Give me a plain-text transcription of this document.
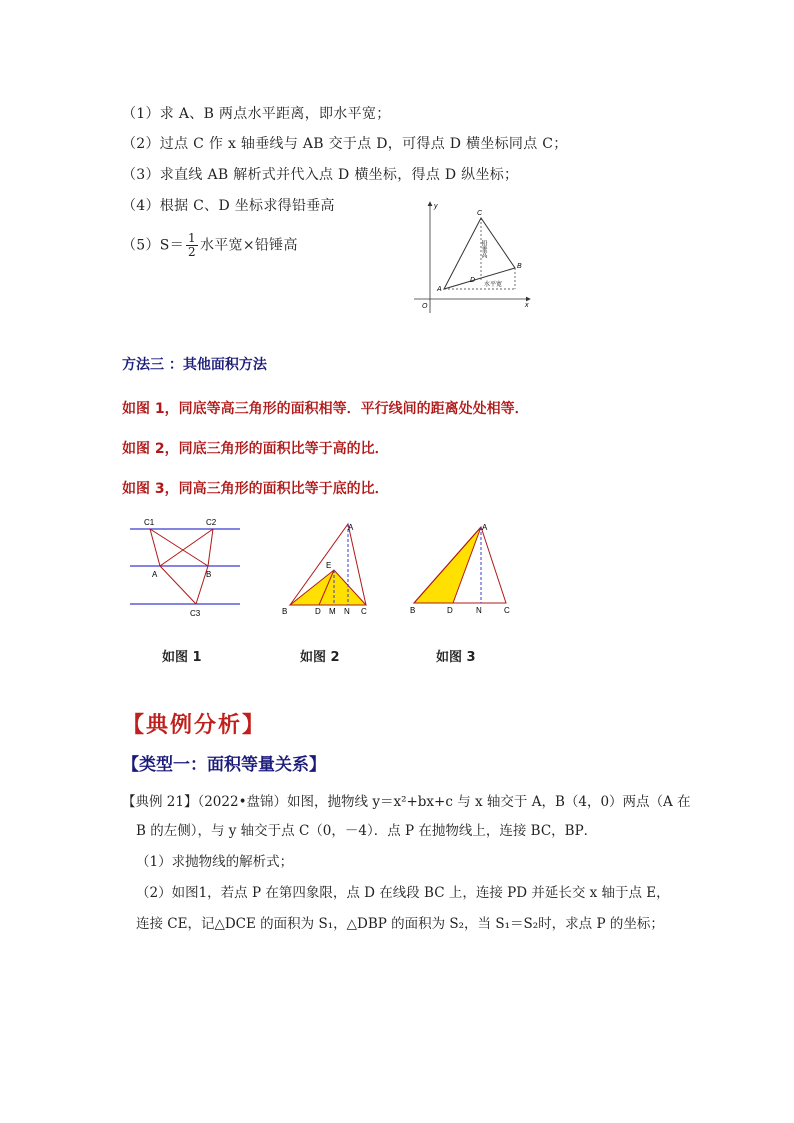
（1）求 A、B 两点水平距离，即水平宽；
（2）过点 C 作 x 轴垂线与 AB 交于点 D，可得点 D 横坐标同点 C；
（3）求直线 AB 解析式并代入点 D 横坐标，得点 D 纵坐标；
（4）根据 C、D 坐标求得铅垂高
$(5)S= \frac{1}{2}$ 水平宽×铅锤高
y
x
O
C
B
A
D
铅垂高
水平宽
方法三 ：其他面积方法
如图 1，同底等高三角形的面积相等．平行线间的距离处处相等．
如图 2，同底三角形的面积比等于高的比．
如图 3，同高三角形的面积比等于底的比．
C1	C2
A	B
C3
A
E
B	D M N C
A
B	D	N	C
如图 1	如图 2	如图 3
【典例分析】
【类型一：面积等量关系】
【典例 21】（2022•盘锦）如图，抛物线 y＝x²+bx+c 与 x 轴交于 A，B（4，0）两点（A 在
B 的左侧），与 y 轴交于点 C（0，－4）．点 P 在抛物线上，连接 BC，BP．
（1）求抛物线的解析式；
（2）如图1，若点 P 在第四象限，点 D 在线段 BC 上，连接 PD 并延长交 x 轴于点 E，
连接 CE，记△DCE 的面积为 S₁，△DBP 的面积为 S₂，当 S₁＝S₂时，求点 P 的坐标；
